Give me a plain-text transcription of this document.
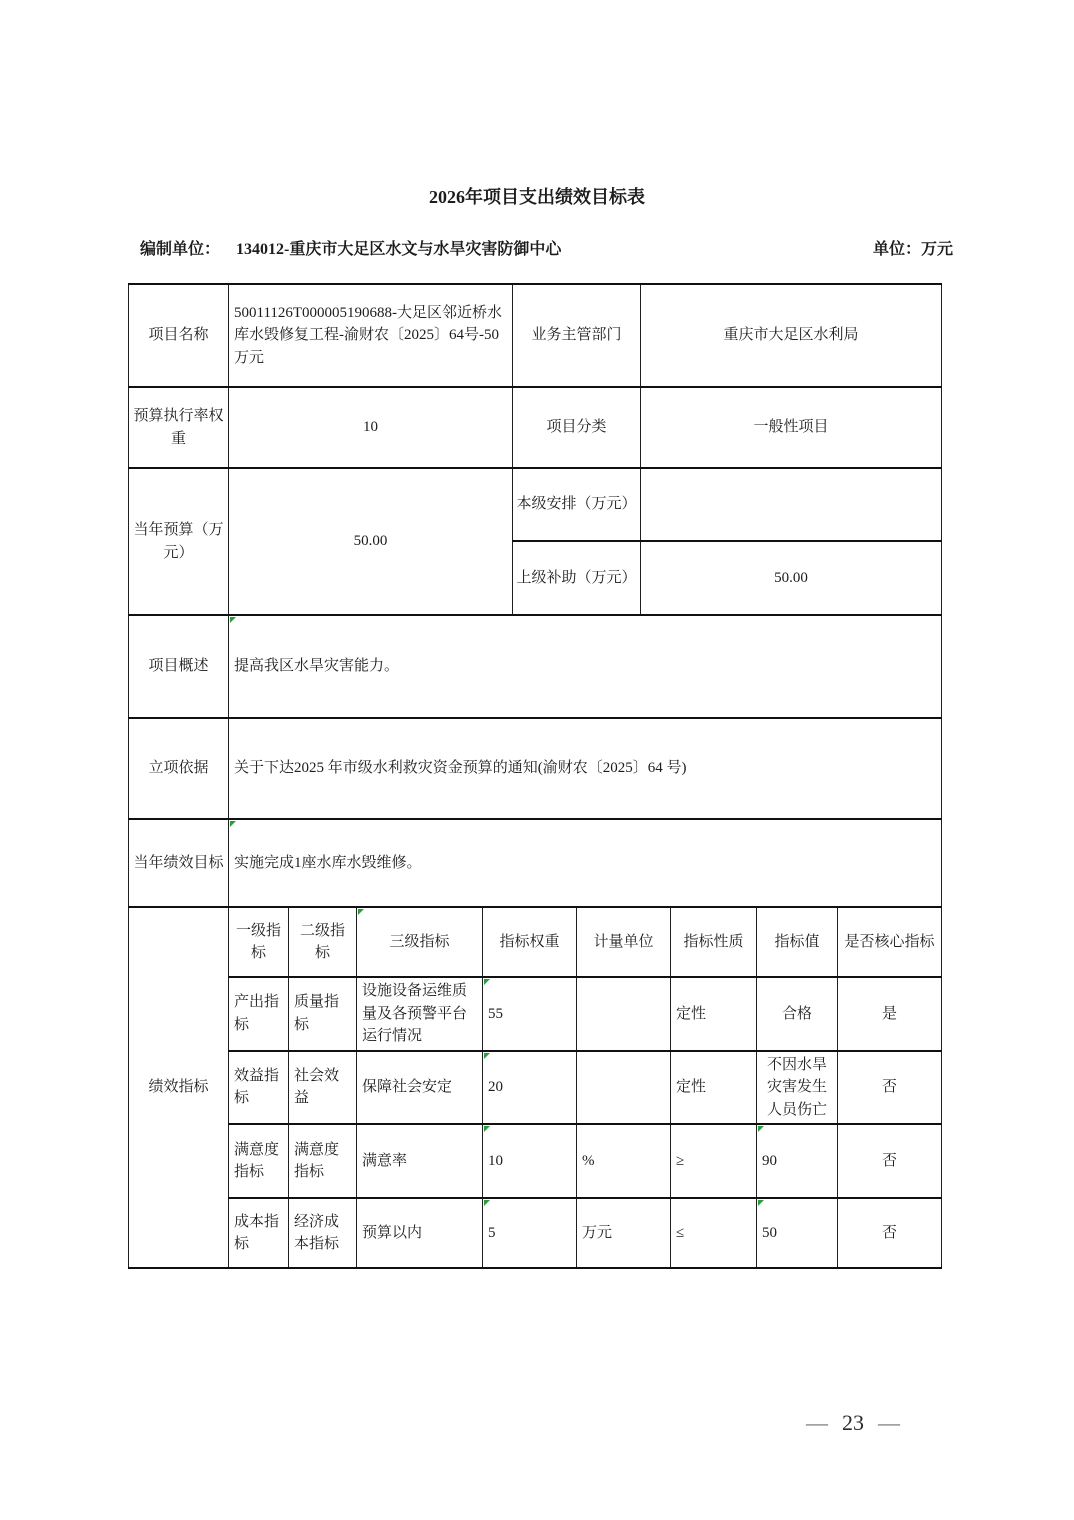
2026年项目支出绩效目标表
编制单位： 134012-重庆市大足区水文与水旱灾害防御中心	单位：万元
项目名称	50011126T000005190688-大足区邻近桥水库水毁修复工程-渝财农〔2025〕64号-50万元	业务主管部门	重庆市大足区水利局
预算执行率权重	10	项目分类	一般性项目
当年预算（万元）	50.00	本级安排（万元）	
		上级补助（万元）	50.00
项目概述	提高我区水旱灾害能力。		
立项依据	关于下达2025 年市级水利救灾资金预算的通知(渝财农〔2025〕64 号)		
当年绩效目标	实施完成1座水库水毁维修。		
绩效指标	一级指标	二级指标	三级指标	指标权重	计量单位	指标性质	指标值	是否核心指标
	产出指标	质量指标	设施设备运维质量及各预警平台运行情况	55		定性	合格	是
	效益指标	社会效益	保障社会安定	20		定性	不因水旱灾害发生人员伤亡	否
	满意度指标	满意度指标	满意率	10	%	≥	90	否
	成本指标	经济成本指标	预算以内	5	万元	≤	50	否
— 23 —
